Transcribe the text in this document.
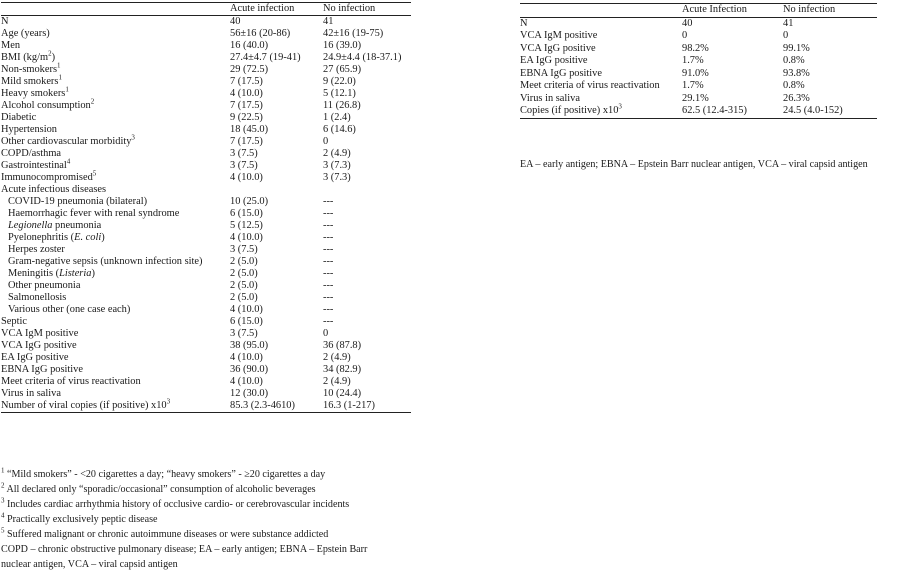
	Acute infection	No infection
N	40	41
Age (years)	56±16 (20-86)	42±16 (19-75)
Men	16 (40.0)	16 (39.0)
BMI $(kg/m^2)$	27.4±4.7 (19-41)	24.9±4.4 (18-37.1)
Non-smokers$^1$	29 (72.5)	27 (65.9)
Mild smokers$^1$	7 (17.5)	9 (22.0)
Heavy smokers$^1$	4 (10.0)	5 (12.1)
Alcohol consumption$^2$	7 (17.5)	11 (26.8)
Diabetic	9 (22.5)	1 (2.4)
Hypertension	18 (45.0)	6 (14.6)
Other cardiovascular morbidity$^3$	7 (17.5)	0
COPD/asthma	3 (7.5)	2 (4.9)
Gastrointestinal$^4$	3 (7.5)	3 (7.3)
Immunocompromised$^5$	4 (10.0)	3 (7.3)
Acute infectious diseases		
COVID-19 pneumonia (bilateral)	10 (25.0)	---
Haemorrhagic fever with renal syndrome	6 (15.0)	---
Legionella pneumonia	5 (12.5)	---
Pyelonephritis (E. coli)	4 (10.0)	---
Herpes zoster	3 (7.5)	---
Gram-negative sepsis (unknown infection site)	2 (5.0)	---
Meningitis (Listeria)	2 (5.0)	---
Other pneumonia	2 (5.0)	---
Salmonellosis	2 (5.0)	---
Various other (one case each)	4 (10.0)	---
Septic	6 (15.0)	---
VCA IgM positive	3 (7.5)	0
VCA IgG positive	38 (95.0)	36 (87.8)
EA IgG positive	4 (10.0)	2 (4.9)
EBNA IgG positive	36 (90.0)	34 (82.9)
Meet criteria of virus reactivation	4 (10.0)	2 (4.9)
Virus in saliva	12 (30.0)	10 (24.4)
Number of viral copies (if positive) $x10^3$	85.3 (2.3-4610)	16.3 (1-217)
$^1$ “Mild smokers” - <20 cigarettes a day; “heavy smokers” - ≥20 cigarettes a day
$^2$ All declared only “sporadic/occasional” consumption of alcoholic beverages
$^3$ Includes cardiac arrhythmia history of occlusive cardio- or cerebrovascular incidents
$^4$ Practically exclusively peptic disease
$^5$ Suffered malignant or chronic autoimmune diseases or were substance addicted
COPD – chronic obstructive pulmonary disease; EA – early antigen; EBNA – Epstein Barr
nuclear antigen, VCA – viral capsid antigen
	Acute Infection	No infection
N	40	41
VCA IgM positive	0	0
VCA IgG positive	98.2%	99.1%
EA IgG positive	1.7%	0.8%
EBNA IgG positive	91.0%	93.8%
Meet criteria of virus reactivation	1.7%	0.8%
Virus in saliva	29.1%	26.3%
Copies (if positive) $x10^3$	62.5 (12.4-315)	24.5 (4.0-152)
EA – early antigen; EBNA – Epstein Barr nuclear antigen, VCA – viral capsid antigen
